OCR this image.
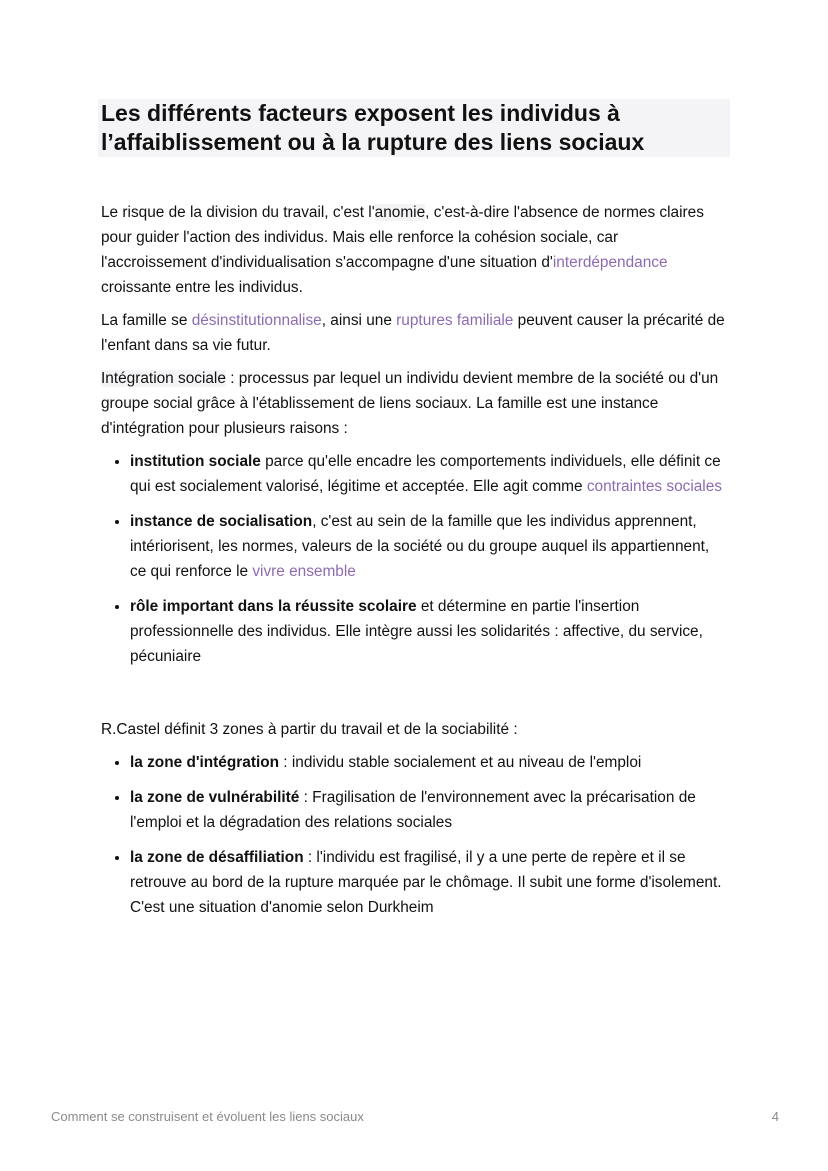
Les différents facteurs exposent les individus à l’affaiblissement ou à la rupture des liens sociaux

Le risque de la division du travail, c'est l'anomie, c'est-à-dire l'absence de normes claires pour guider l'action des individus. Mais elle renforce la cohésion sociale, car l'accroissement d'individualisation s'accompagne d'une situation d'interdépendance croissante entre les individus.

La famille se désinstitutionnalise, ainsi une ruptures familiale peuvent causer la précarité de l'enfant dans sa vie futur.

Intégration sociale : processus par lequel un individu devient membre de la société ou d'un groupe social grâce à l'établissement de liens sociaux. La famille est une instance d'intégration pour plusieurs raisons :

• institution sociale parce qu'elle encadre les comportements individuels, elle définit ce qui est socialement valorisé, légitime et acceptée. Elle agit comme contraintes sociales
• instance de socialisation, c'est au sein de la famille que les individus apprennent, intériorisent, les normes, valeurs de la société ou du groupe auquel ils appartiennent, ce qui renforce le vivre ensemble
• rôle important dans la réussite scolaire et détermine en partie l'insertion professionnelle des individus. Elle intègre aussi les solidarités : affective, du service, pécuniaire

R.Castel définit 3 zones à partir du travail et de la sociabilité :

• la zone d'intégration : individu stable socialement et au niveau de l'emploi
• la zone de vulnérabilité : Fragilisation de l'environnement avec la précarisation de l'emploi et la dégradation des relations sociales
• la zone de désaffiliation : l'individu est fragilisé, il y a une perte de repère et il se retrouve au bord de la rupture marquée par le chômage. Il subit une forme d'isolement. C'est une situation d'anomie selon Durkheim
Comment se construisent et évoluent les liens sociaux	4
